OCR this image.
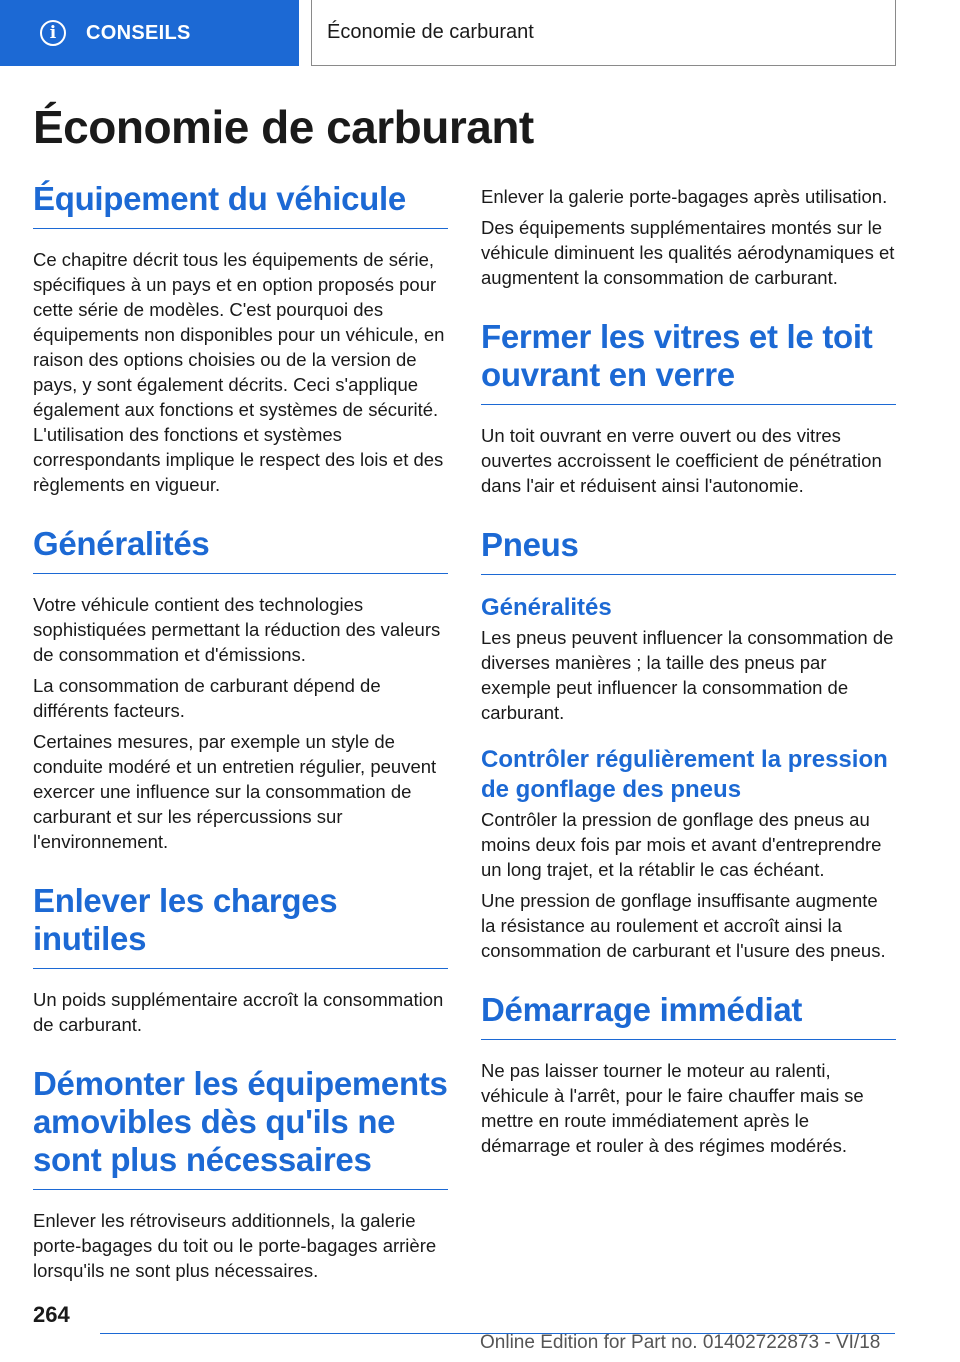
i	CONSEILS	Économie de carburant
Économie de carburant
Équipement du véhicule

Ce chapitre décrit tous les équipements de série, spécifiques à un pays et en option proposés pour cette série de modèles. C'est pourquoi des équipements non disponibles pour un véhicule, en raison des options choisies ou de la version de pays, y sont également décrits. Ceci s'applique également aux fonctions et systèmes de sécurité. L'utilisation des fonctions et systèmes correspondants implique le respect des lois et des règlements en vigueur.

Généralités

Votre véhicule contient des technologies sophistiquées permettant la réduction des valeurs de consommation et d'émissions.

La consommation de carburant dépend de différents facteurs.

Certaines mesures, par exemple un style de conduite modéré et un entretien régulier, peuvent exercer une influence sur la consommation de carburant et sur les répercussions sur l'environnement.

Enlever les charges inutiles

Un poids supplémentaire accroît la consommation de carburant.

Démonter les équipements amovibles dès qu'ils ne sont plus nécessaires

Enlever les rétroviseurs additionnels, la galerie porte-bagages du toit ou le porte-bagages arrière lorsqu'ils ne sont plus nécessaires.

Enlever la galerie porte-bagages après utilisation.

Des équipements supplémentaires montés sur le véhicule diminuent les qualités aérodynamiques et augmentent la consommation de carburant.

Fermer les vitres et le toit ouvrant en verre

Un toit ouvrant en verre ouvert ou des vitres ouvertes accroissent le coefficient de pénétration dans l'air et réduisent ainsi l'autonomie.

Pneus
Généralités

Les pneus peuvent influencer la consommation de diverses manières ; la taille des pneus par exemple peut influencer la consommation de carburant.

Contrôler régulièrement la pression de gonflage des pneus

Contrôler la pression de gonflage des pneus au moins deux fois par mois et avant d'entreprendre un long trajet, et la rétablir le cas échéant.

Une pression de gonflage insuffisante augmente la résistance au roulement et accroît ainsi la consommation de carburant et l'usure des pneus.

Démarrage immédiat

Ne pas laisser tourner le moteur au ralenti, véhicule à l'arrêt, pour le faire chauffer mais se mettre en route immédiatement après le démarrage et rouler à des régimes modérés.

264
Online Edition for Part no. 01402722873 - VI/18
